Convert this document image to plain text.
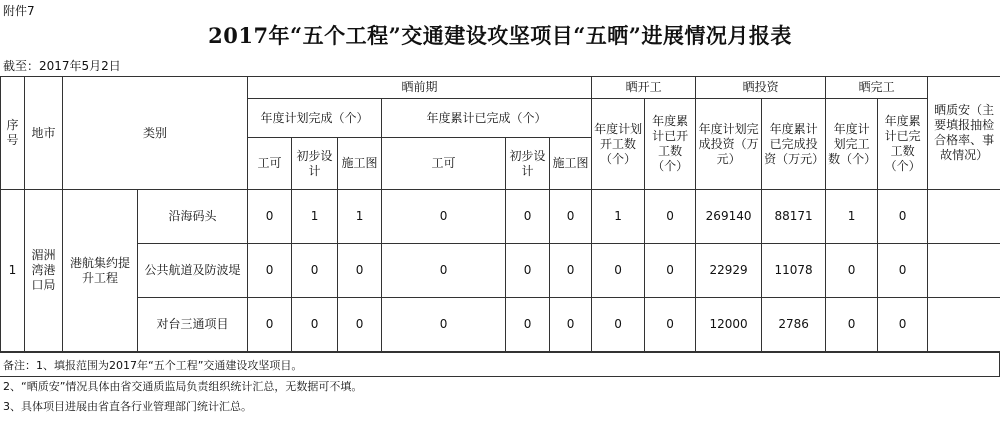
附件7
2017年“五个工程”交通建设攻坚项目“五晒”进展情况月报表
截至：2017年5月2日
序号	地市	类别		晒前期						晒开工		晒投资		晒完工		晒质安（主要填报抽检合格率、事故情况）
				年度计划完成（个）			年度累计已完成（个）			年度计划开工数（个）	年度累计已开工数（个）	年度计划完成投资（万元）	年度累计已完成投资（万元）	年度计划完工数（个）	年度累计已完工数（个）	
				工可	初步设计	施工图	工可	初步设计	施工图							
1	湄洲湾港口局	港航集约提升工程	沿海码头	0	1	1	0	0	0	1	0	269140	88171	1	0	
			公共航道及防波堤	0	0	0	0	0	0	0	0	22929	11078	0	0	
			对台三通项目	0	0	0	0	0	0	0	0	12000	2786	0	0	
备注：1、填报范围为2017年“五个工程”交通建设攻坚项目。
2、“晒质安”情况具体由省交通质监局负责组织统计汇总，无数据可不填。
3、具体项目进展由省直各行业管理部门统计汇总。
